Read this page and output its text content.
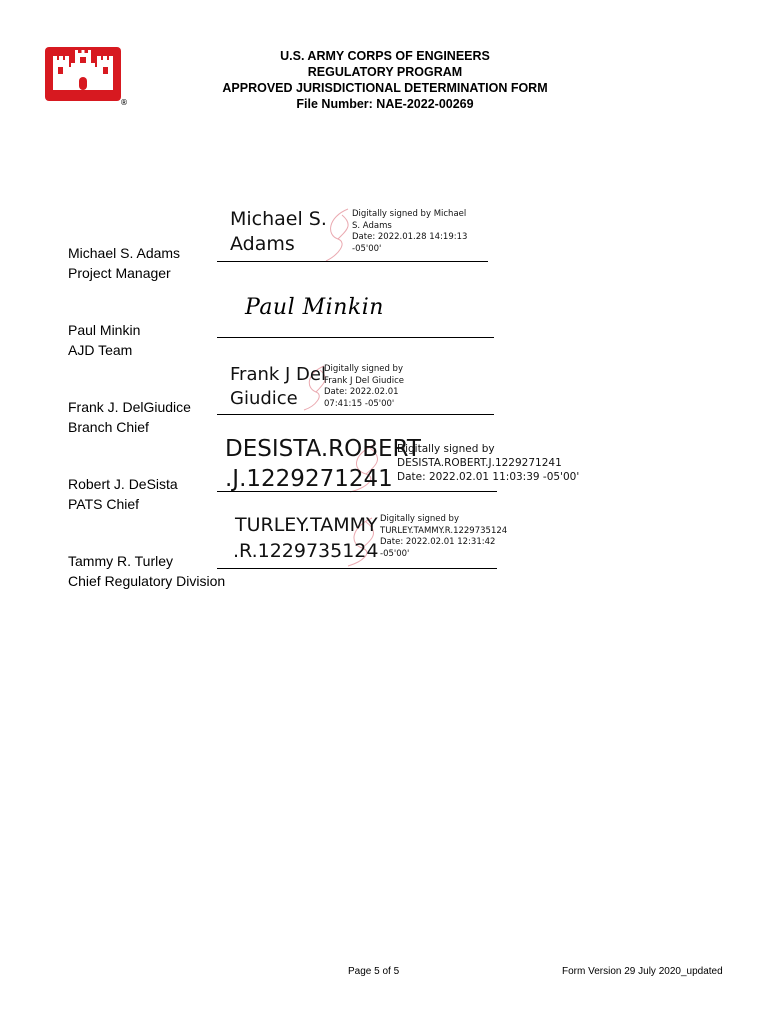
®
U.S. ARMY CORPS OF ENGINEERS
REGULATORY PROGRAM
APPROVED JURISDICTIONAL DETERMINATION FORM
File Number: NAE-2022-00269
Michael S. Adams
Project Manager
Michael S.
Adams
Digitally signed by Michael
S. Adams
Date: 2022.01.28 14:19:13
-05'00'
Paul Minkin
AJD Team
Paul Minkin
Frank J. DelGiudice
Branch Chief
Frank J Del
Giudice
Digitally signed by
Frank J Del Giudice
Date: 2022.02.01
07:41:15 -05'00'
Robert J. DeSista
PATS Chief
DESISTA.ROBERT
.J.1229271241
Digitally signed by
DESISTA.ROBERT.J.1229271241
Date: 2022.02.01 11:03:39 -05'00'
Tammy R. Turley
Chief Regulatory Division
TURLEY.TAMMY
.R.1229735124
Digitally signed by
TURLEY.TAMMY.R.1229735124
Date: 2022.02.01 12:31:42
-05'00'
Page 5 of 5	Form Version 29 July 2020_updated
